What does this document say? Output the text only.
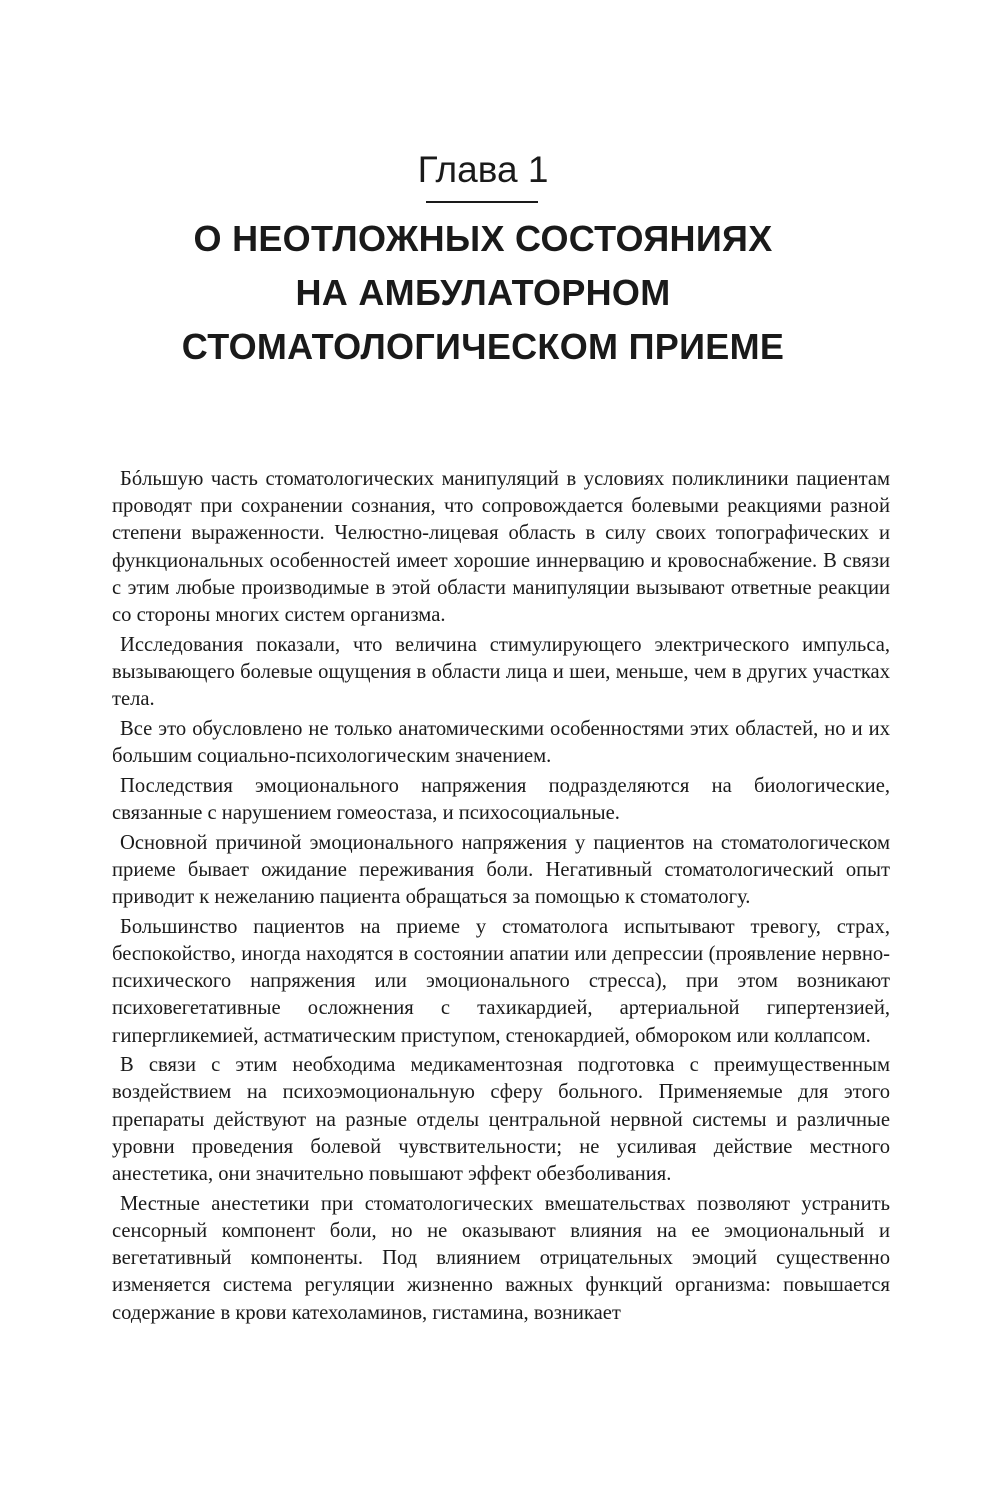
Глава 1
О НЕОТЛОЖНЫХ СОСТОЯНИЯХ
НА АМБУЛАТОРНОМ
СТОМАТОЛОГИЧЕСКОМ ПРИЕМЕ

Бóльшую часть стоматологических манипуляций в условиях поликлиники пациентам проводят при сохранении сознания, что сопровождается болевыми реакциями разной степени выраженности. Челюстно-лицевая область в силу своих топографических и функциональных особенностей имеет хорошие иннервацию и кровоснабжение. В связи с этим любые производимые в этой области манипуляции вызывают ответные реакции со стороны многих систем организма.

Исследования показали, что величина стимулирующего электрического импульса, вызывающего болевые ощущения в области лица и шеи, меньше, чем в других участках тела.

Все это обусловлено не только анатомическими особенностями этих областей, но и их большим социально-психологическим значением.

Последствия эмоционального напряжения подразделяются на биологические, связанные с нарушением гомеостаза, и психосоциальные.

Основной причиной эмоционального напряжения у пациентов на стоматологическом приеме бывает ожидание переживания боли. Негативный стоматологический опыт приводит к нежеланию пациента обращаться за помощью к стоматологу.

Большинство пациентов на приеме у стоматолога испытывают тревогу, страх, беспокойство, иногда находятся в состоянии апатии или депрессии (проявление нервно-психического напряжения или эмоционального стресса), при этом возникают психовегетативные осложнения с тахикардией, артериальной гипертензией, гипергликемией, астматическим приступом, стенокардией, обмороком или коллапсом.

В связи с этим необходима медикаментозная подготовка с преимущественным воздействием на психоэмоциональную сферу больного. Применяемые для этого препараты действуют на разные отделы центральной нервной системы и различные уровни проведения болевой чувствительности; не усиливая действие местного анестетика, они значительно повышают эффект обезболивания.

Местные анестетики при стоматологических вмешательствах позволяют устранить сенсорный компонент боли, но не оказывают влияния на ее эмоциональный и вегетативный компоненты. Под влиянием отрицательных эмоций существенно изменяется система регуляции жизненно важных функций организма: повышается содержание в крови катехоламинов, гистамина, возникает
